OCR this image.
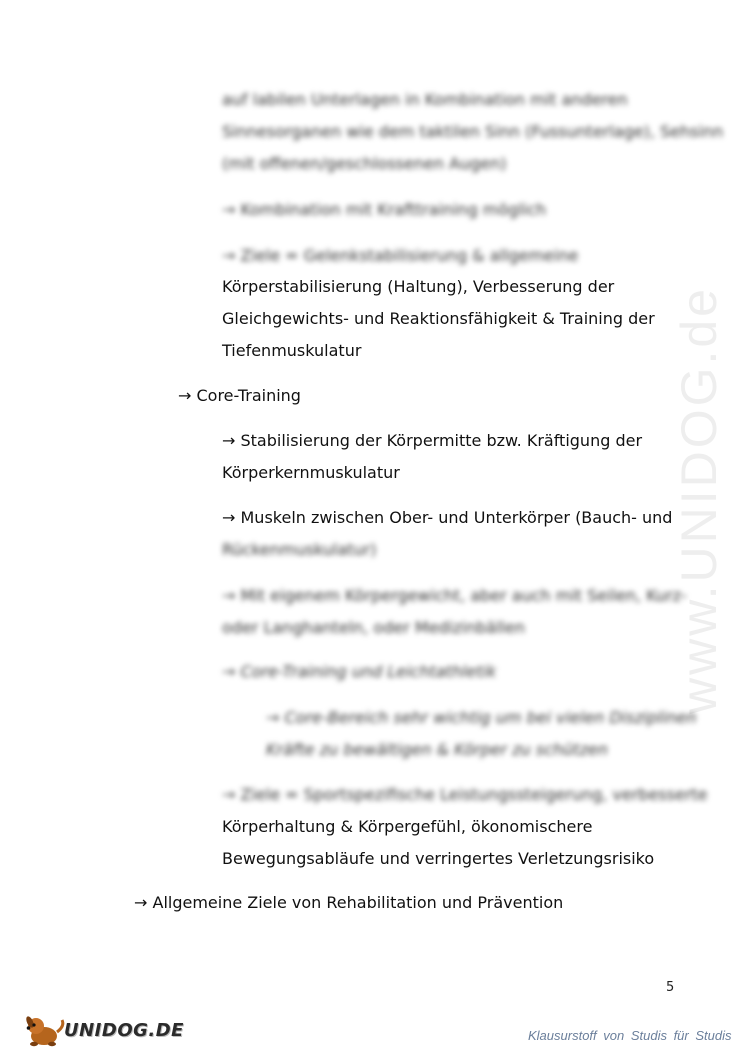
www.UNIDOG.de
auf labilen Unterlagen in Kombination mit anderen
Sinnesorganen wie dem taktilen Sinn (Fussunterlage), Sehsinn
(mit offenen/geschlossenen Augen)
→ Kombination mit Krafttraining möglich
→ Ziele = Gelenkstabilisierung & allgemeine
Körperstabilisierung (Haltung), Verbesserung der
Gleichgewichts- und Reaktionsfähigkeit & Training der
Tiefenmuskulatur
→ Core-Training
→ Stabilisierung der Körpermitte bzw. Kräftigung der
Körperkernmuskulatur
→ Muskeln zwischen Ober- und Unterkörper (Bauch- und
Rückenmuskulatur)
→ Mit eigenem Körpergewicht, aber auch mit Seilen, Kurz-
oder Langhanteln, oder Medizinbällen
→ Core-Training und Leichtathletik
→ Core-Bereich sehr wichtig um bei vielen Disziplinen
Kräfte zu bewältigen & Körper zu schützen
→ Ziele = Sportspezifische Leistungssteigerung, verbesserte
Körperhaltung & Körpergefühl, ökonomischere
Bewegungsabläufe und verringertes Verletzungsrisiko
→ Allgemeine Ziele von Rehabilitation und Prävention
5
UNIDOG.DE	Klausurstoff von Studis für Studis
